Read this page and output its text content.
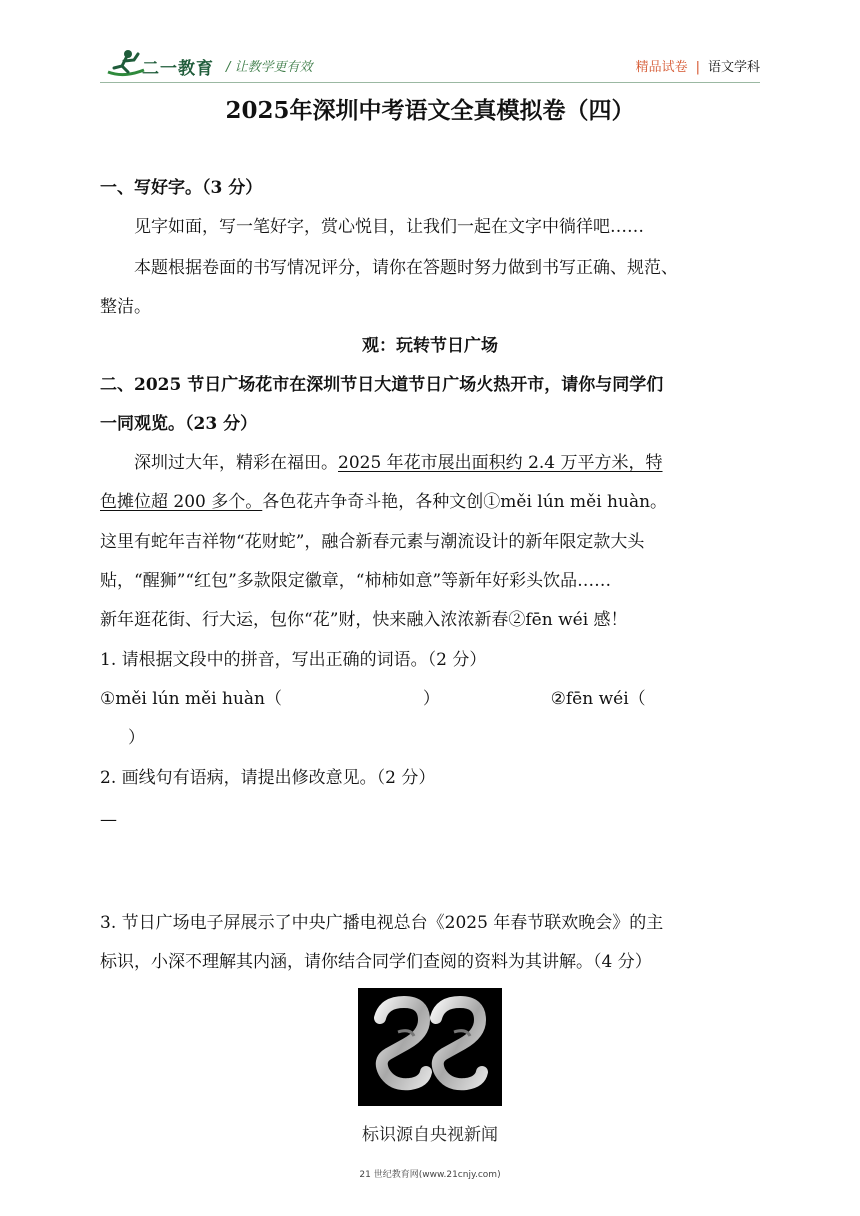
二一教育 / 让教学更有效	精品试卷 | 语文学科
2025年深圳中考语文全真模拟卷（四）
一、写好字。（3 分）
见字如面，写一笔好字，赏心悦目，让我们一起在文字中徜徉吧……
本题根据卷面的书写情况评分，请你在答题时努力做到书写正确、规范、
整洁。
观：玩转节日广场
二、2025 节日广场花市在深圳节日大道节日广场火热开市，请你与同学们
一同观览。（23 分）
深圳过大年，精彩在福田。2025 年花市展出面积约 2.4 万平方米，特
色摊位超 200 多个。各色花卉争奇斗艳，各种文创①měi lún měi huàn。
这里有蛇年吉祥物“花财蛇”，融合新春元素与潮流设计的新年限定款大头
贴，“醒狮”“红包”多款限定徽章，“柿柿如意”等新年好彩头饮品……
新年逛花街、行大运，包你“花”财，快来融入浓浓新春②fēn wéi 感！
1. 请根据文段中的拼音，写出正确的词语。（2 分）
①měi lún měi huàn（	）	②fēn wéi（
）
2. 画线句有语病，请提出修改意见。（2 分）
—
3. 节日广场电子屏展示了中央广播电视总台《2025 年春节联欢晚会》的主
标识，小深不理解其内涵，请你结合同学们查阅的资料为其讲解。（4 分）
标识源自央视新闻
21 世纪教育网(www.21cnjy.com)
